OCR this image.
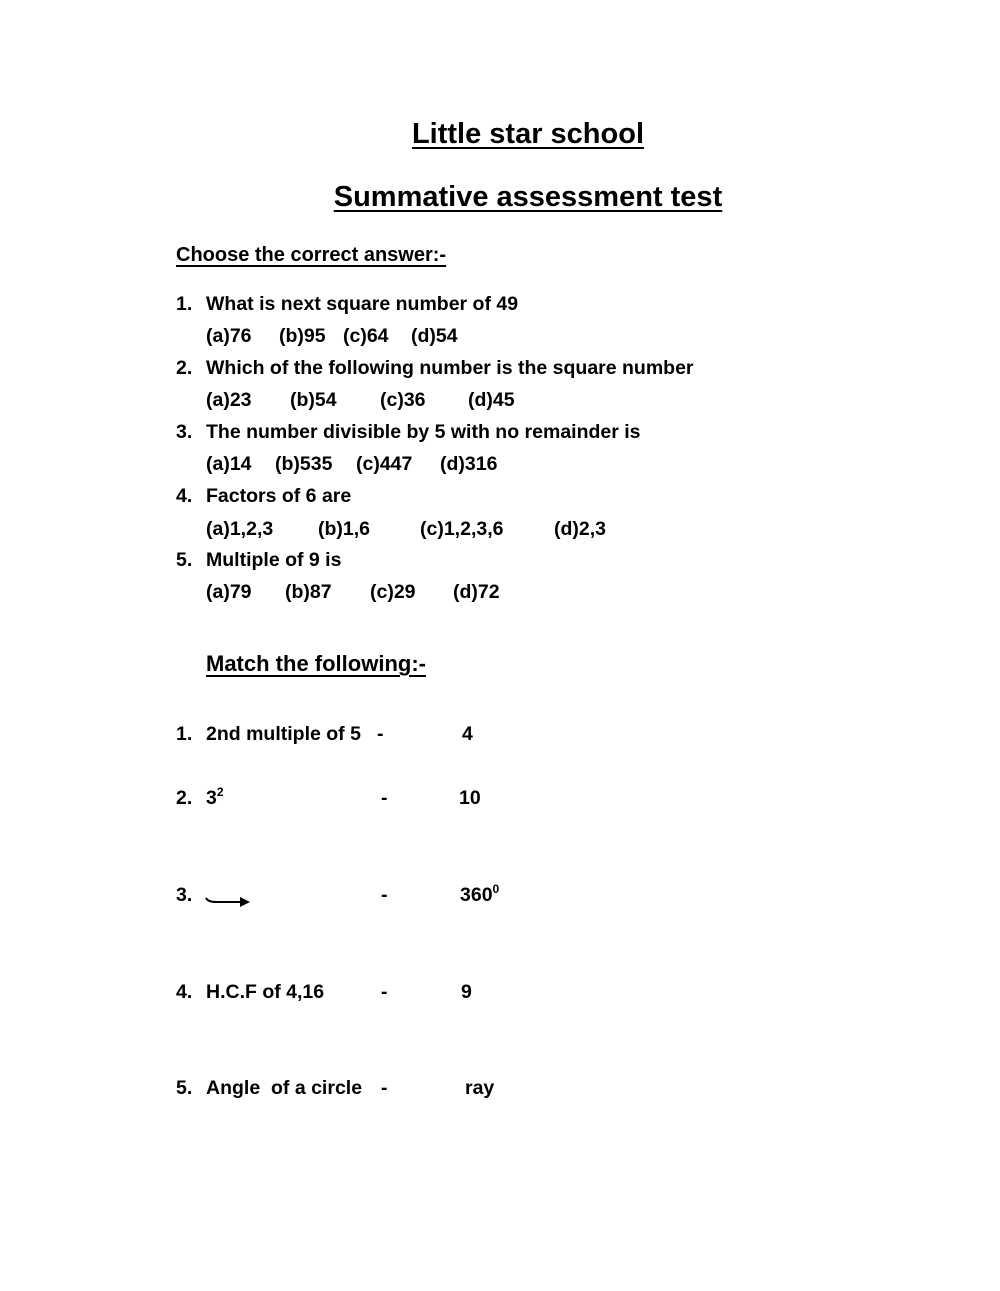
Little star school
Summative assessment test
Choose the correct answer:-
1. What is next square number of 49
(a)76 (b)95 (c)64 (d)54
2. Which of the following number is the square number
(a)23 (b)54 (c)36 (d)45
3. The number divisible by 5 with no remainder is
(a)14 (b)535 (c)447 (d)316
4. Factors of 6 are
(a)1,2,3 (b)1,6	(c)1,2,3,6	(d)2,3
5. Multiple of 9 is
(a)79 (b)87 (c)29 (d)72
Match the following:-
1. 2nd multiple of 5 -	4
2. $3^2$	-	10
3.	-	$360^0$
4. H.C.F of 4,16	-	9
5. Angle  of a circle -	ray
